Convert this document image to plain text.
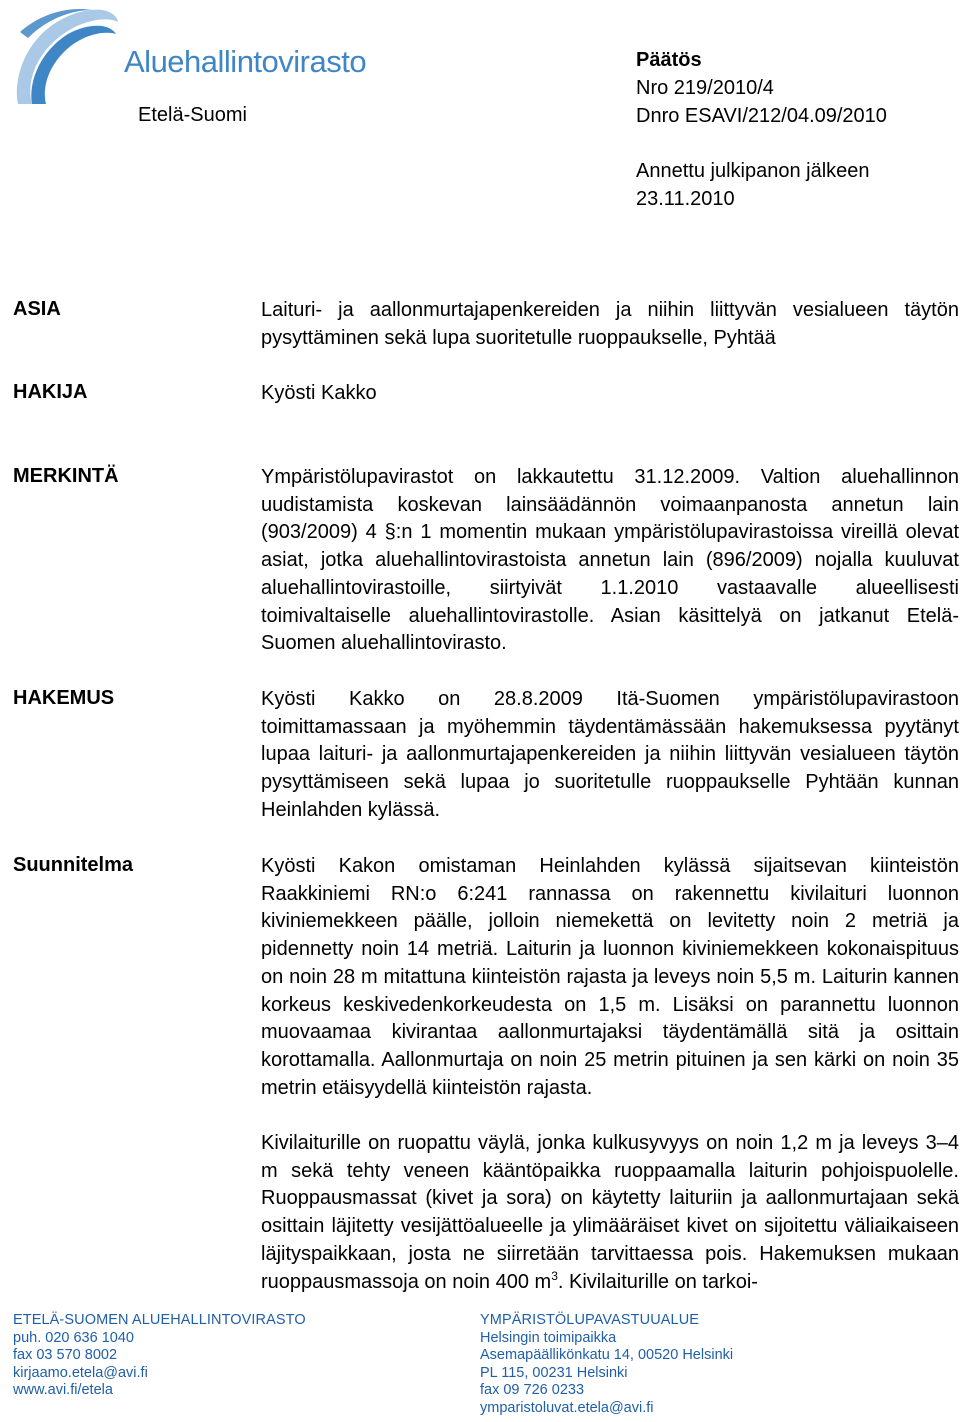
Aluehallintovirasto
Etelä-Suomi
Päätös
Nro 219/2010/4
Dnro ESAVI/212/04.09/2010
Annettu julkipanon jälkeen
23.11.2010
ASIA	Laituri- ja aallonmurtajapenkereiden ja niihin liittyvän vesialueen täytön pysyttäminen sekä lupa suoritetulle ruoppaukselle, Pyhtää

HAKIJA	Kyösti Kakko

MERKINTÄ	Ympäristölupavirastot on lakkautettu 31.12.2009. Valtion aluehallinnon uudistamista koskevan lainsäädännön voimaanpanosta annetun lain (903/2009) 4 §:n 1 momentin mukaan ympäristölupavirastoissa vireillä olevat asiat, jotka aluehallintovirastoista annetun lain (896/2009) nojalla kuuluvat aluehallintovirastoille, siirtyivät 1.1.2010 vastaavalle alueellisesti toimivaltaiselle aluehallintovirastolle. Asian käsittelyä on jatkanut Etelä-Suomen aluehallintovirasto.

HAKEMUS	Kyösti Kakko on 28.8.2009 Itä-Suomen ympäristölupavirastoon toimittamassaan ja myöhemmin täydentämässään hakemuksessa pyytänyt lupaa laituri- ja aallonmurtajapenkereiden ja niihin liittyvän vesialueen täytön pysyttämiseen sekä lupaa jo suoritetulle ruoppaukselle Pyhtään kunnan Heinlahden kylässä.

Suunnitelma	Kyösti Kakon omistaman Heinlahden kylässä sijaitsevan kiinteistön Raakkiniemi RN:o 6:241 rannassa on rakennettu kivilaituri luonnon kiviniemekkeen päälle, jolloin niemekettä on levitetty noin 2 metriä ja pidennetty noin 14 metriä. Laiturin ja luonnon kiviniemekkeen kokonaispituus on noin 28 m mitattuna kiinteistön rajasta ja leveys noin 5,5 m. Laiturin kannen korkeus keskivedenkorkeudesta on 1,5 m. Lisäksi on parannettu luonnon muovaamaa kivirantaa aallonmurtajaksi täydentämällä sitä ja osittain korottamalla. Aallonmurtaja on noin 25 metrin pituinen ja sen kärki on noin 35 metrin etäisyydellä kiinteistön rajasta.

Kivilaiturille on ruopattu väylä, jonka kulkusyvyys on noin 1,2 m ja leveys 3–4 m sekä tehty veneen kääntöpaikka ruoppaamalla laiturin pohjoispuolelle. Ruoppausmassat (kivet ja sora) on käytetty laituriin ja aallonmurtajaan sekä osittain läjitetty vesijättöalueelle ja ylimääräiset kivet on sijoitettu väliaikaiseen läjityspaikkaan, josta ne siirretään tarvittaessa pois. Hakemuksen mukaan ruoppausmassoja on noin 400 $m^3$. Kivilaiturille on tarkoi-

ETELÄ-SUOMEN ALUEHALLINTOVIRASTO
puh. 020 636 1040
fax 03 570 8002
kirjaamo.etela@avi.fi
www.avi.fi/etela
YMPÄRISTÖLUPAVASTUUALUE
Helsingin toimipaikka
Asemapäällikönkatu 14, 00520 Helsinki
PL 115, 00231 Helsinki
fax 09 726 0233
ymparistoluvat.etela@avi.fi
